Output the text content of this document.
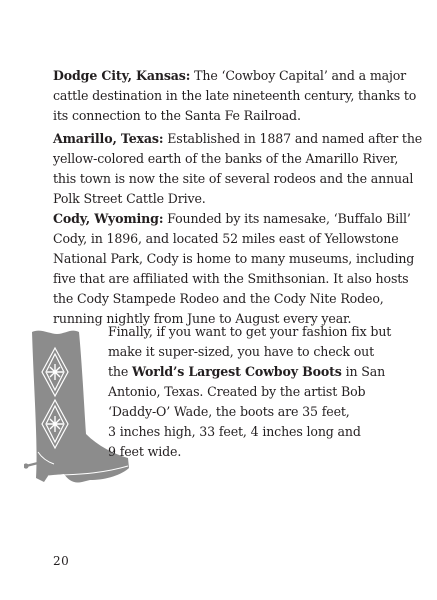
Dodge City, Kansas: The ‘Cowboy Capital’ and a major
cattle destination in the late nineteenth century, thanks to
its connection to the Santa Fe Railroad.

Amarillo, Texas: Established in 1887 and named after the
yellow-colored earth of the banks of the Amarillo River,
this town is now the site of several rodeos and the annual
Polk Street Cattle Drive.

Cody, Wyoming: Founded by its namesake, ‘Buffalo Bill’
Cody, in 1896, and located 52 miles east of Yellowstone
National Park, Cody is home to many museums, including
five that are affiliated with the Smithsonian. It also hosts
the Cody Stampede Rodeo and the Cody Nite Rodeo,
running nightly from June to August every year.

Finally, if you want to get your fashion fix but
make it super-sized, you have to check out
the World’s Largest Cowboy Boots in San
Antonio, Texas. Created by the artist Bob
‘Daddy-O’ Wade, the boots are 35 feet,
3 inches high, 33 feet, 4 inches long and
9 feet wide.

20
